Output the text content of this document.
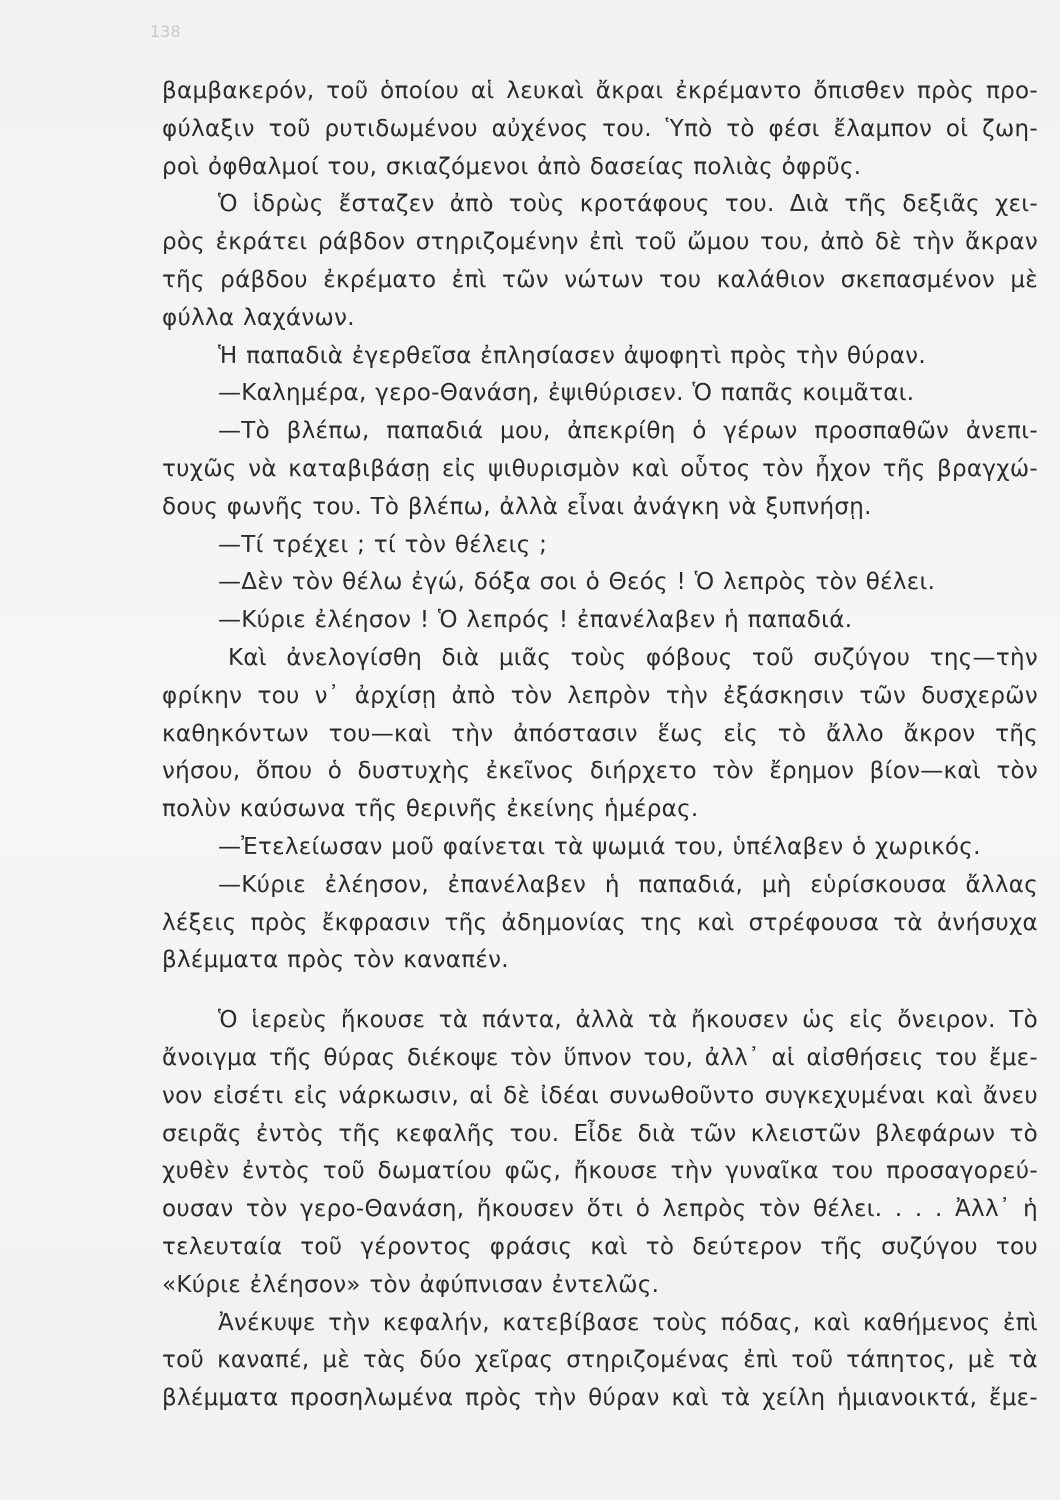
138
βαμβακερόν, τοῦ ὁποίου αἱ λευκαὶ ἄκραι ἐκρέμαντο ὄπισθεν πρὸς προ-
φύλαξιν τοῦ ρυτιδωμένου αὐχένος του. Ὑπὸ τὸ φέσι ἔλαμπον οἱ ζωη-
ροὶ ὀφθαλμοί του, σκιαζόμενοι ἀπὸ δασείας πολιὰς ὀφρῦς.
Ὁ ἱδρὼς ἔσταζεν ἀπὸ τοὺς κροτάφους του. Διὰ τῆς δεξιᾶς χει-
ρὸς ἐκράτει ράβδον στηριζομένην ἐπὶ τοῦ ὤμου του, ἀπὸ δὲ τὴν ἄκραν
τῆς ράβδου ἐκρέματο ἐπὶ τῶν νώτων του καλάθιον σκεπασμένον μὲ
φύλλα λαχάνων.
Ἡ παπαδιὰ ἐγερθεῖσα ἐπλησίασεν ἀψοφητὶ πρὸς τὴν θύραν.
—Καλημέρα, γερο-Θανάση, ἐψιθύρισεν. Ὁ παπᾶς κοιμᾶται.
—Τὸ βλέπω, παπαδιά μου, ἀπεκρίθη ὁ γέρων προσπαθῶν ἀνεπι-
τυχῶς νὰ καταβιβάσῃ εἰς ψιθυρισμὸν καὶ οὗτος τὸν ἦχον τῆς βραγχώ-
δους φωνῆς του. Τὸ βλέπω, ἀλλὰ εἶναι ἀνάγκη νὰ ξυπνήσῃ.
—Τί τρέχει ; τί τὸν θέλεις ;
—Δὲν τὸν θέλω ἐγώ, δόξα σοι ὁ Θεός ! Ὁ λεπρὸς τὸν θέλει.
—Κύριε ἐλέησον ! Ὁ λεπρός ! ἐπανέλαβεν ἡ παπαδιά.
Καὶ ἀνελογίσθη διὰ μιᾶς τοὺς φόβους τοῦ συζύγου της—τὴν
φρίκην του ν᾽ ἀρχίσῃ ἀπὸ τὸν λεπρὸν τὴν ἐξάσκησιν τῶν δυσχερῶν
καθηκόντων του—καὶ τὴν ἀπόστασιν ἕως εἰς τὸ ἄλλο ἄκρον τῆς
νήσου, ὅπου ὁ δυστυχὴς ἐκεῖνος διήρχετο τὸν ἔρημον βίον—καὶ τὸν
πολὺν καύσωνα τῆς θερινῆς ἐκείνης ἡμέρας.
—Ἐτελείωσαν μοῦ φαίνεται τὰ ψωμιά του, ὑπέλαβεν ὁ χωρικός.
—Κύριε ἐλέησον, ἐπανέλαβεν ἡ παπαδιά, μὴ εὑρίσκουσα ἄλλας
λέξεις πρὸς ἔκφρασιν τῆς ἀδημονίας της καὶ στρέφουσα τὰ ἀνήσυχα
βλέμματα πρὸς τὸν καναπέν.
Ὁ ἱερεὺς ἤκουσε τὰ πάντα, ἀλλὰ τὰ ἤκουσεν ὡς εἰς ὄνειρον. Τὸ
ἄνοιγμα τῆς θύρας διέκοψε τὸν ὕπνον του, ἀλλ᾽ αἱ αἰσθήσεις του ἔμε-
νον εἰσέτι εἰς νάρκωσιν, αἱ δὲ ἰδέαι συνωθοῦντο συγκεχυμέναι καὶ ἄνευ
σειρᾶς ἐντὸς τῆς κεφαλῆς του. Εἶδε διὰ τῶν κλειστῶν βλεφάρων τὸ
χυθὲν ἐντὸς τοῦ δωματίου φῶς, ἤκουσε τὴν γυναῖκα του προσαγορεύ-
ουσαν τὸν γερο-Θανάση, ἤκουσεν ὅτι ὁ λεπρὸς τὸν θέλει. . . . Ἀλλ᾽ ἡ
τελευταία τοῦ γέροντος φράσις καὶ τὸ δεύτερον τῆς συζύγου του
«Κύριε ἐλέησον» τὸν ἀφύπνισαν ἐντελῶς.
Ἀνέκυψε τὴν κεφαλήν, κατεβίβασε τοὺς πόδας, καὶ καθήμενος ἐπὶ
τοῦ καναπέ, μὲ τὰς δύο χεῖρας στηριζομένας ἐπὶ τοῦ τάπητος, μὲ τὰ
βλέμματα προσηλωμένα πρὸς τὴν θύραν καὶ τὰ χείλη ἡμιανοικτά, ἔμε-
